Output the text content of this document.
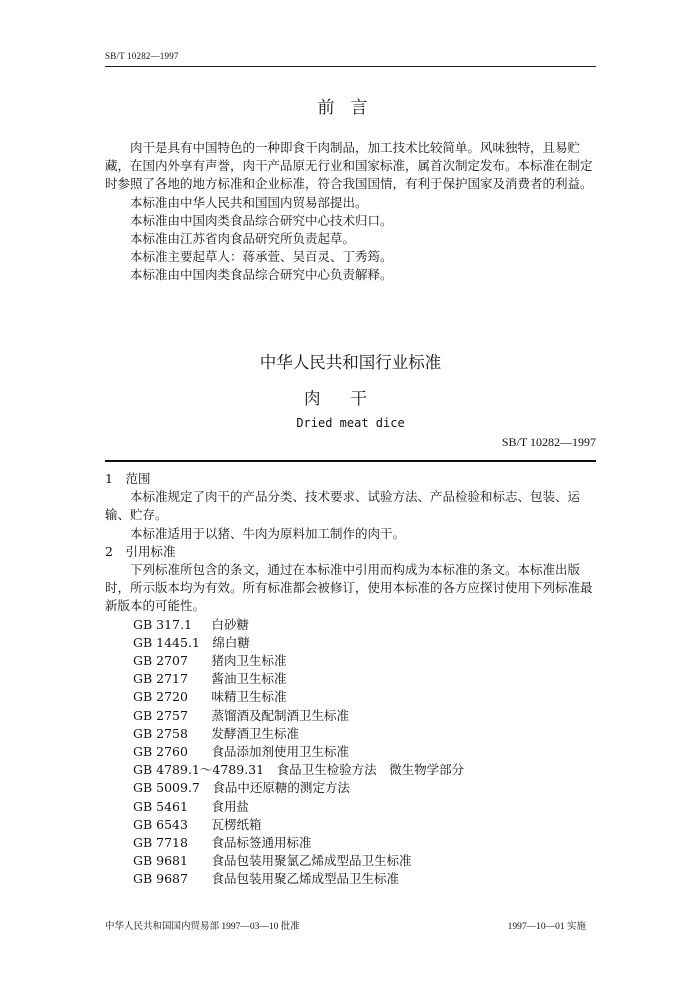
SB/T 10282—1997
前言

肉干是具有中国特色的一种即食干肉制品，加工技术比较简单。风味独特，且易贮藏，在国内外享有声誉，肉干产品原无行业和国家标准，属首次制定发布。本标准在制定时参照了各地的地方标准和企业标准，符合我国国情，有利于保护国家及消费者的利益。

本标准由中华人民共和国国内贸易部提出。

本标准由中国肉类食品综合研究中心技术归口。

本标准由江苏省肉食品研究所负责起草。

本标准主要起草人：蒋承萱、吴百灵、丁秀筠。

本标准由中国肉类食品综合研究中心负责解释。

中华人民共和国行业标准
肉干
Dried meat dice
SB/T 10282—1997

1　范围

本标准规定了肉干的产品分类、技术要求、试验方法、产品检验和标志、包装、运输、贮存。

本标准适用于以猪、牛肉为原料加工制作的肉干。

2　引用标准

下列标准所包含的条文，通过在本标准中引用而构成为本标准的条文。本标准出版时，所示版本均为有效。所有标准都会被修订，使用本标准的各方应探讨使用下列标准最新版本的可能性。

GB 317.1　 白砂糖

GB 1445.1　 绵白糖

GB 2707　 猪肉卫生标准

GB 2717　 酱油卫生标准

GB 2720　 味精卫生标准

GB 2757　 蒸馏酒及配制酒卫生标准

GB 2758　 发酵酒卫生标准

GB 2760　 食品添加剂使用卫生标准

GB 4789.1～4789.31　 食品卫生检验方法　微生物学部分

GB 5009.7　 食品中还原糖的测定方法

GB 5461　 食用盐

GB 6543　 瓦楞纸箱

GB 7718　 食品标签通用标准

GB 9681　 食品包装用聚氯乙烯成型品卫生标准

GB 9687　 食品包装用聚乙烯成型品卫生标准

中华人民共和国国内贸易部 1997—03—10 批准	1997—10—01 实施
